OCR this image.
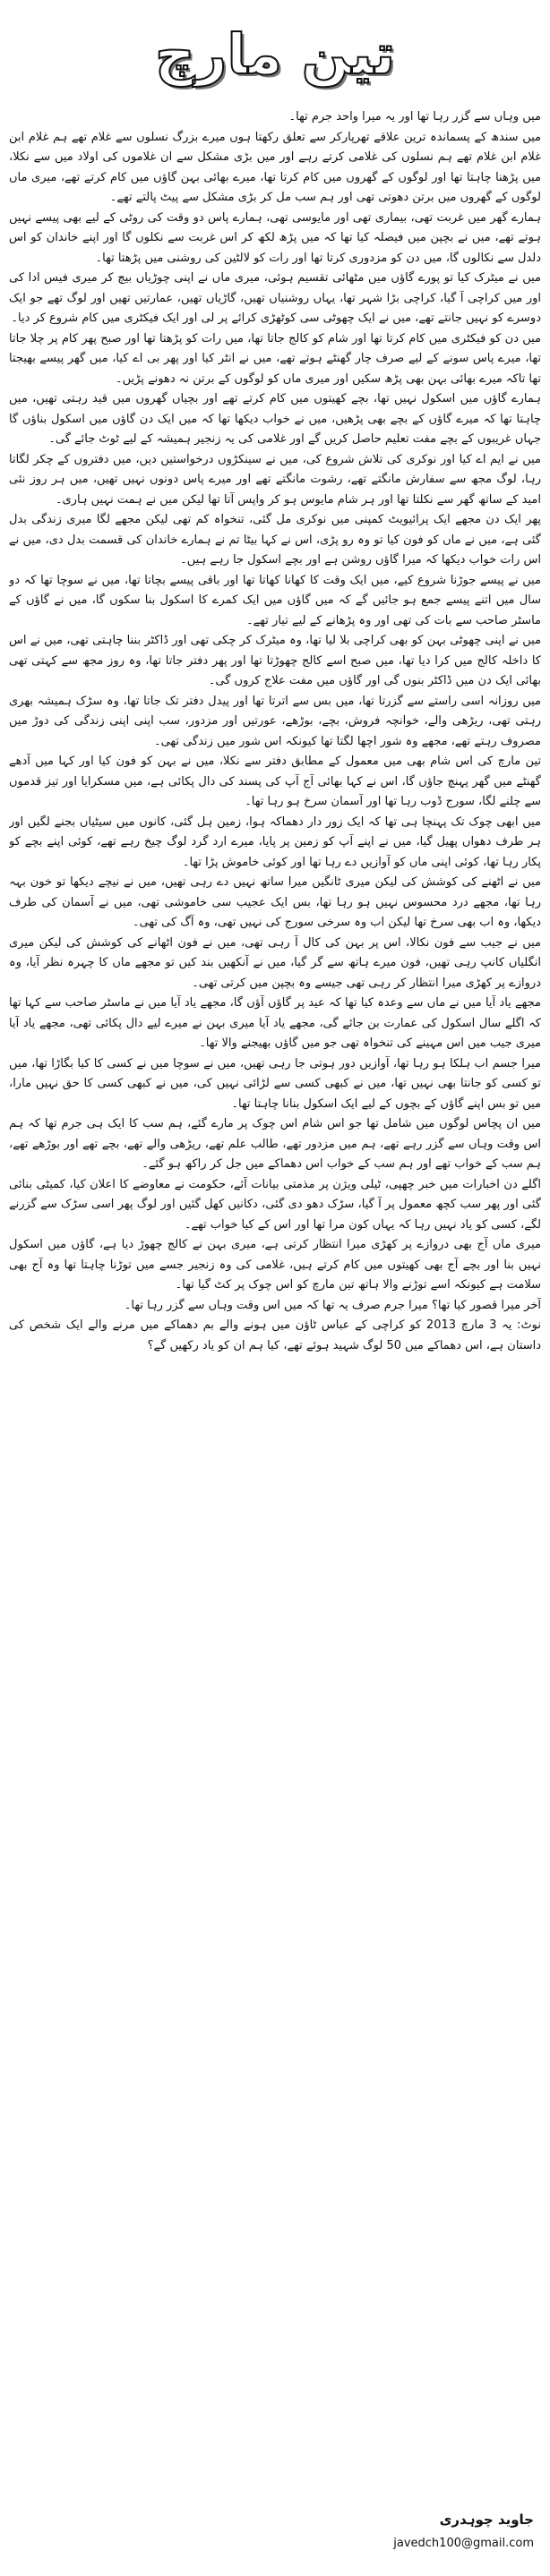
تین مارچ

میں وہاں سے گزر رہا تھا اور یہ میرا واحد جرم تھا۔

میں سندھ کے پسماندہ ترین علاقے تھرپارکر سے تعلق رکھتا ہوں میرے بزرگ نسلوں سے غلام تھے ہم غلام ابن غلام ابن غلام تھے ہم نسلوں کی غلامی کرتے رہے اور میں بڑی مشکل سے ان غلاموں کی اولاد میں سے نکلا، میں پڑھنا چاہتا تھا اور لوگوں کے گھروں میں کام کرتا تھا، میرے بھائی بہن گاؤں میں کام کرتے تھے، میری ماں لوگوں کے گھروں میں برتن دھوتی تھی اور ہم سب مل کر بڑی مشکل سے پیٹ پالتے تھے۔

ہمارے گھر میں غربت تھی، بیماری تھی اور مایوسی تھی، ہمارے پاس دو وقت کی روٹی کے لیے بھی پیسے نہیں ہوتے تھے، میں نے بچپن میں فیصلہ کیا تھا کہ میں پڑھ لکھ کر اس غربت سے نکلوں گا اور اپنے خاندان کو اس دلدل سے نکالوں گا، میں دن کو مزدوری کرتا تھا اور رات کو لالٹین کی روشنی میں پڑھتا تھا۔

میں نے میٹرک کیا تو پورے گاؤں میں مٹھائی تقسیم ہوئی، میری ماں نے اپنی چوڑیاں بیچ کر میری فیس ادا کی اور میں کراچی آ گیا، کراچی بڑا شہر تھا، یہاں روشنیاں تھیں، گاڑیاں تھیں، عمارتیں تھیں اور لوگ تھے جو ایک دوسرے کو نہیں جانتے تھے، میں نے ایک چھوٹی سی کوٹھڑی کرائے پر لی اور ایک فیکٹری میں کام شروع کر دیا۔

میں دن کو فیکٹری میں کام کرتا تھا اور شام کو کالج جاتا تھا، میں رات کو پڑھتا تھا اور صبح پھر کام پر چلا جاتا تھا، میرے پاس سونے کے لیے صرف چار گھنٹے ہوتے تھے، میں نے انٹر کیا اور پھر بی اے کیا، میں گھر پیسے بھیجتا تھا تاکہ میرے بھائی بہن بھی پڑھ سکیں اور میری ماں کو لوگوں کے برتن نہ دھونے پڑیں۔

ہمارے گاؤں میں اسکول نہیں تھا، بچے کھیتوں میں کام کرتے تھے اور بچیاں گھروں میں قید رہتی تھیں، میں چاہتا تھا کہ میرے گاؤں کے بچے بھی پڑھیں، میں نے خواب دیکھا تھا کہ میں ایک دن گاؤں میں اسکول بناؤں گا جہاں غریبوں کے بچے مفت تعلیم حاصل کریں گے اور غلامی کی یہ زنجیر ہمیشہ کے لیے ٹوٹ جائے گی۔

میں نے ایم اے کیا اور نوکری کی تلاش شروع کی، میں نے سینکڑوں درخواستیں دیں، میں دفتروں کے چکر لگاتا رہا، لوگ مجھ سے سفارش مانگتے تھے، رشوت مانگتے تھے اور میرے پاس دونوں نہیں تھیں، میں ہر روز نئی امید کے ساتھ گھر سے نکلتا تھا اور ہر شام مایوس ہو کر واپس آتا تھا لیکن میں نے ہمت نہیں ہاری۔

پھر ایک دن مجھے ایک پرائیویٹ کمپنی میں نوکری مل گئی، تنخواہ کم تھی لیکن مجھے لگا میری زندگی بدل گئی ہے، میں نے ماں کو فون کیا تو وہ رو پڑی، اس نے کہا بیٹا تم نے ہمارے خاندان کی قسمت بدل دی، میں نے اس رات خواب دیکھا کہ میرا گاؤں روشن ہے اور بچے اسکول جا رہے ہیں۔

میں نے پیسے جوڑنا شروع کیے، میں ایک وقت کا کھانا کھاتا تھا اور باقی پیسے بچاتا تھا، میں نے سوچا تھا کہ دو سال میں اتنے پیسے جمع ہو جائیں گے کہ میں گاؤں میں ایک کمرے کا اسکول بنا سکوں گا، میں نے گاؤں کے ماسٹر صاحب سے بات کی تھی اور وہ پڑھانے کے لیے تیار تھے۔

میں نے اپنی چھوٹی بہن کو بھی کراچی بلا لیا تھا، وہ میٹرک کر چکی تھی اور ڈاکٹر بننا چاہتی تھی، میں نے اس کا داخلہ کالج میں کرا دیا تھا، میں صبح اسے کالج چھوڑتا تھا اور پھر دفتر جاتا تھا، وہ روز مجھ سے کہتی تھی بھائی ایک دن میں ڈاکٹر بنوں گی اور گاؤں میں مفت علاج کروں گی۔

میں روزانہ اسی راستے سے گزرتا تھا، میں بس سے اترتا تھا اور پیدل دفتر تک جاتا تھا، وہ سڑک ہمیشہ بھری رہتی تھی، ریڑھی والے، خوانچہ فروش، بچے، بوڑھے، عورتیں اور مزدور، سب اپنی اپنی زندگی کی دوڑ میں مصروف رہتے تھے، مجھے وہ شور اچھا لگتا تھا کیونکہ اس شور میں زندگی تھی۔

تین مارچ کی اس شام بھی میں معمول کے مطابق دفتر سے نکلا، میں نے بہن کو فون کیا اور کہا میں آدھے گھنٹے میں گھر پہنچ جاؤں گا، اس نے کہا بھائی آج آپ کی پسند کی دال پکائی ہے، میں مسکرایا اور تیز قدموں سے چلنے لگا، سورج ڈوب رہا تھا اور آسمان سرخ ہو رہا تھا۔

میں ابھی چوک تک پہنچا ہی تھا کہ ایک زور دار دھماکہ ہوا، زمین ہل گئی، کانوں میں سیٹیاں بجنے لگیں اور ہر طرف دھواں پھیل گیا، میں نے اپنے آپ کو زمین پر پایا، میرے ارد گرد لوگ چیخ رہے تھے، کوئی اپنے بچے کو پکار رہا تھا، کوئی اپنی ماں کو آوازیں دے رہا تھا اور کوئی خاموش پڑا تھا۔

میں نے اٹھنے کی کوشش کی لیکن میری ٹانگیں میرا ساتھ نہیں دے رہی تھیں، میں نے نیچے دیکھا تو خون بہہ رہا تھا، مجھے درد محسوس نہیں ہو رہا تھا، بس ایک عجیب سی خاموشی تھی، میں نے آسمان کی طرف دیکھا، وہ اب بھی سرخ تھا لیکن اب وہ سرخی سورج کی نہیں تھی، وہ آگ کی تھی۔

میں نے جیب سے فون نکالا، اس پر بہن کی کال آ رہی تھی، میں نے فون اٹھانے کی کوشش کی لیکن میری انگلیاں کانپ رہی تھیں، فون میرے ہاتھ سے گر گیا، میں نے آنکھیں بند کیں تو مجھے ماں کا چہرہ نظر آیا، وہ دروازے پر کھڑی میرا انتظار کر رہی تھی جیسے وہ بچپن میں کرتی تھی۔

مجھے یاد آیا میں نے ماں سے وعدہ کیا تھا کہ عید پر گاؤں آؤں گا، مجھے یاد آیا میں نے ماسٹر صاحب سے کہا تھا کہ اگلے سال اسکول کی عمارت بن جائے گی، مجھے یاد آیا میری بہن نے میرے لیے دال پکائی تھی، مجھے یاد آیا میری جیب میں اس مہینے کی تنخواہ تھی جو میں گاؤں بھیجنے والا تھا۔

میرا جسم اب ہلکا ہو رہا تھا، آوازیں دور ہوتی جا رہی تھیں، میں نے سوچا میں نے کسی کا کیا بگاڑا تھا، میں تو کسی کو جانتا بھی نہیں تھا، میں نے کبھی کسی سے لڑائی نہیں کی، میں نے کبھی کسی کا حق نہیں مارا، میں تو بس اپنے گاؤں کے بچوں کے لیے ایک اسکول بنانا چاہتا تھا۔

میں ان پچاس لوگوں میں شامل تھا جو اس شام اس چوک پر مارے گئے، ہم سب کا ایک ہی جرم تھا کہ ہم اس وقت وہاں سے گزر رہے تھے، ہم میں مزدور تھے، طالب علم تھے، ریڑھی والے تھے، بچے تھے اور بوڑھے تھے، ہم سب کے خواب تھے اور ہم سب کے خواب اس دھماکے میں جل کر راکھ ہو گئے۔

اگلے دن اخبارات میں خبر چھپی، ٹیلی ویژن پر مذمتی بیانات آئے، حکومت نے معاوضے کا اعلان کیا، کمیٹی بنائی گئی اور پھر سب کچھ معمول پر آ گیا، سڑک دھو دی گئی، دکانیں کھل گئیں اور لوگ پھر اسی سڑک سے گزرنے لگے، کسی کو یاد نہیں رہا کہ یہاں کون مرا تھا اور اس کے کیا خواب تھے۔

میری ماں آج بھی دروازے پر کھڑی میرا انتظار کرتی ہے، میری بہن نے کالج چھوڑ دیا ہے، گاؤں میں اسکول نہیں بنا اور بچے آج بھی کھیتوں میں کام کرتے ہیں، غلامی کی وہ زنجیر جسے میں توڑنا چاہتا تھا وہ آج بھی سلامت ہے کیونکہ اسے توڑنے والا ہاتھ تین مارچ کو اس چوک پر کٹ گیا تھا۔

آخر میرا قصور کیا تھا؟ میرا جرم صرف یہ تھا کہ میں اس وقت وہاں سے گزر رہا تھا۔

نوٹ: یہ 3 مارچ 2013 کو کراچی کے عباس ٹاؤن میں ہونے والے بم دھماکے میں مرنے والے ایک شخص کی داستان ہے، اس دھماکے میں 50 لوگ شہید ہوئے تھے، کیا ہم ان کو یاد رکھیں گے؟

جاوید چوہدری
javedch100@gmail.com
